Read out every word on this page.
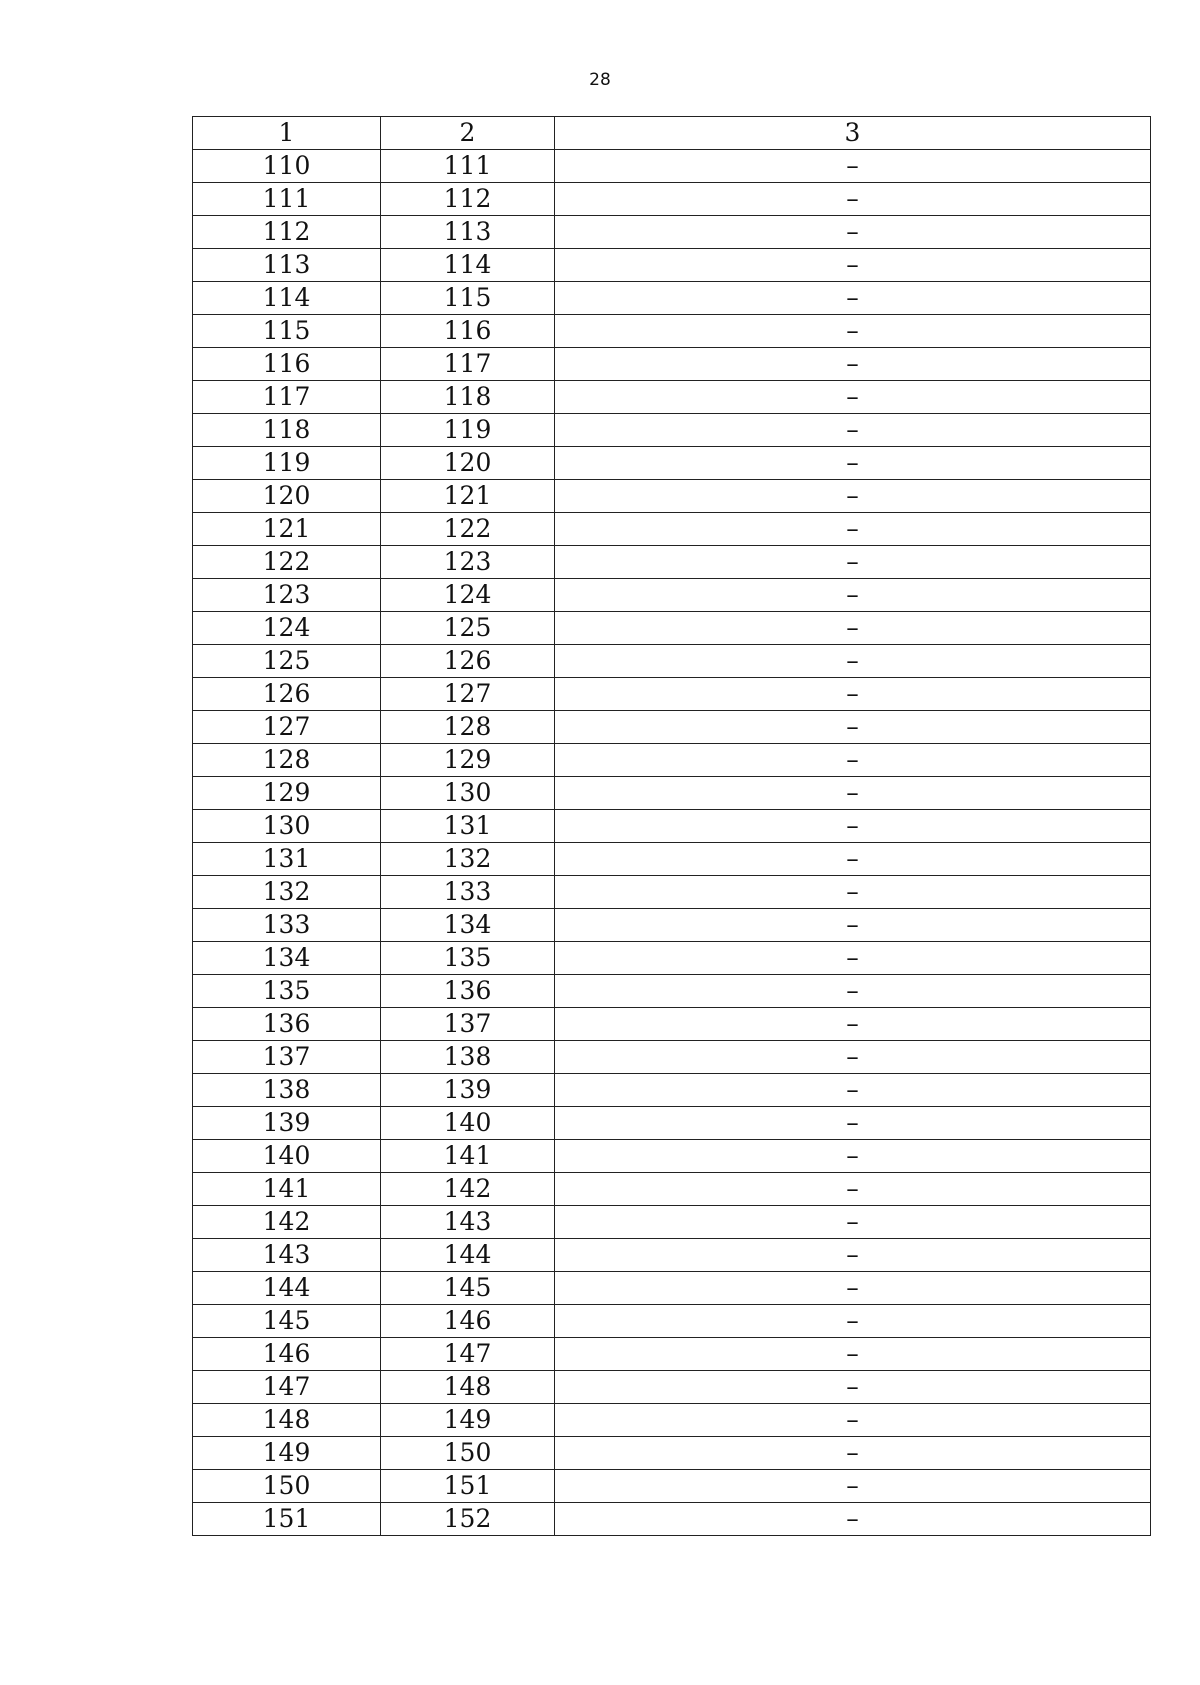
28
1	2	3
110	111	–
111	112	–
112	113	–
113	114	–
114	115	–
115	116	–
116	117	–
117	118	–
118	119	–
119	120	–
120	121	–
121	122	–
122	123	–
123	124	–
124	125	–
125	126	–
126	127	–
127	128	–
128	129	–
129	130	–
130	131	–
131	132	–
132	133	–
133	134	–
134	135	–
135	136	–
136	137	–
137	138	–
138	139	–
139	140	–
140	141	–
141	142	–
142	143	–
143	144	–
144	145	–
145	146	–
146	147	–
147	148	–
148	149	–
149	150	–
150	151	–
151	152	–
